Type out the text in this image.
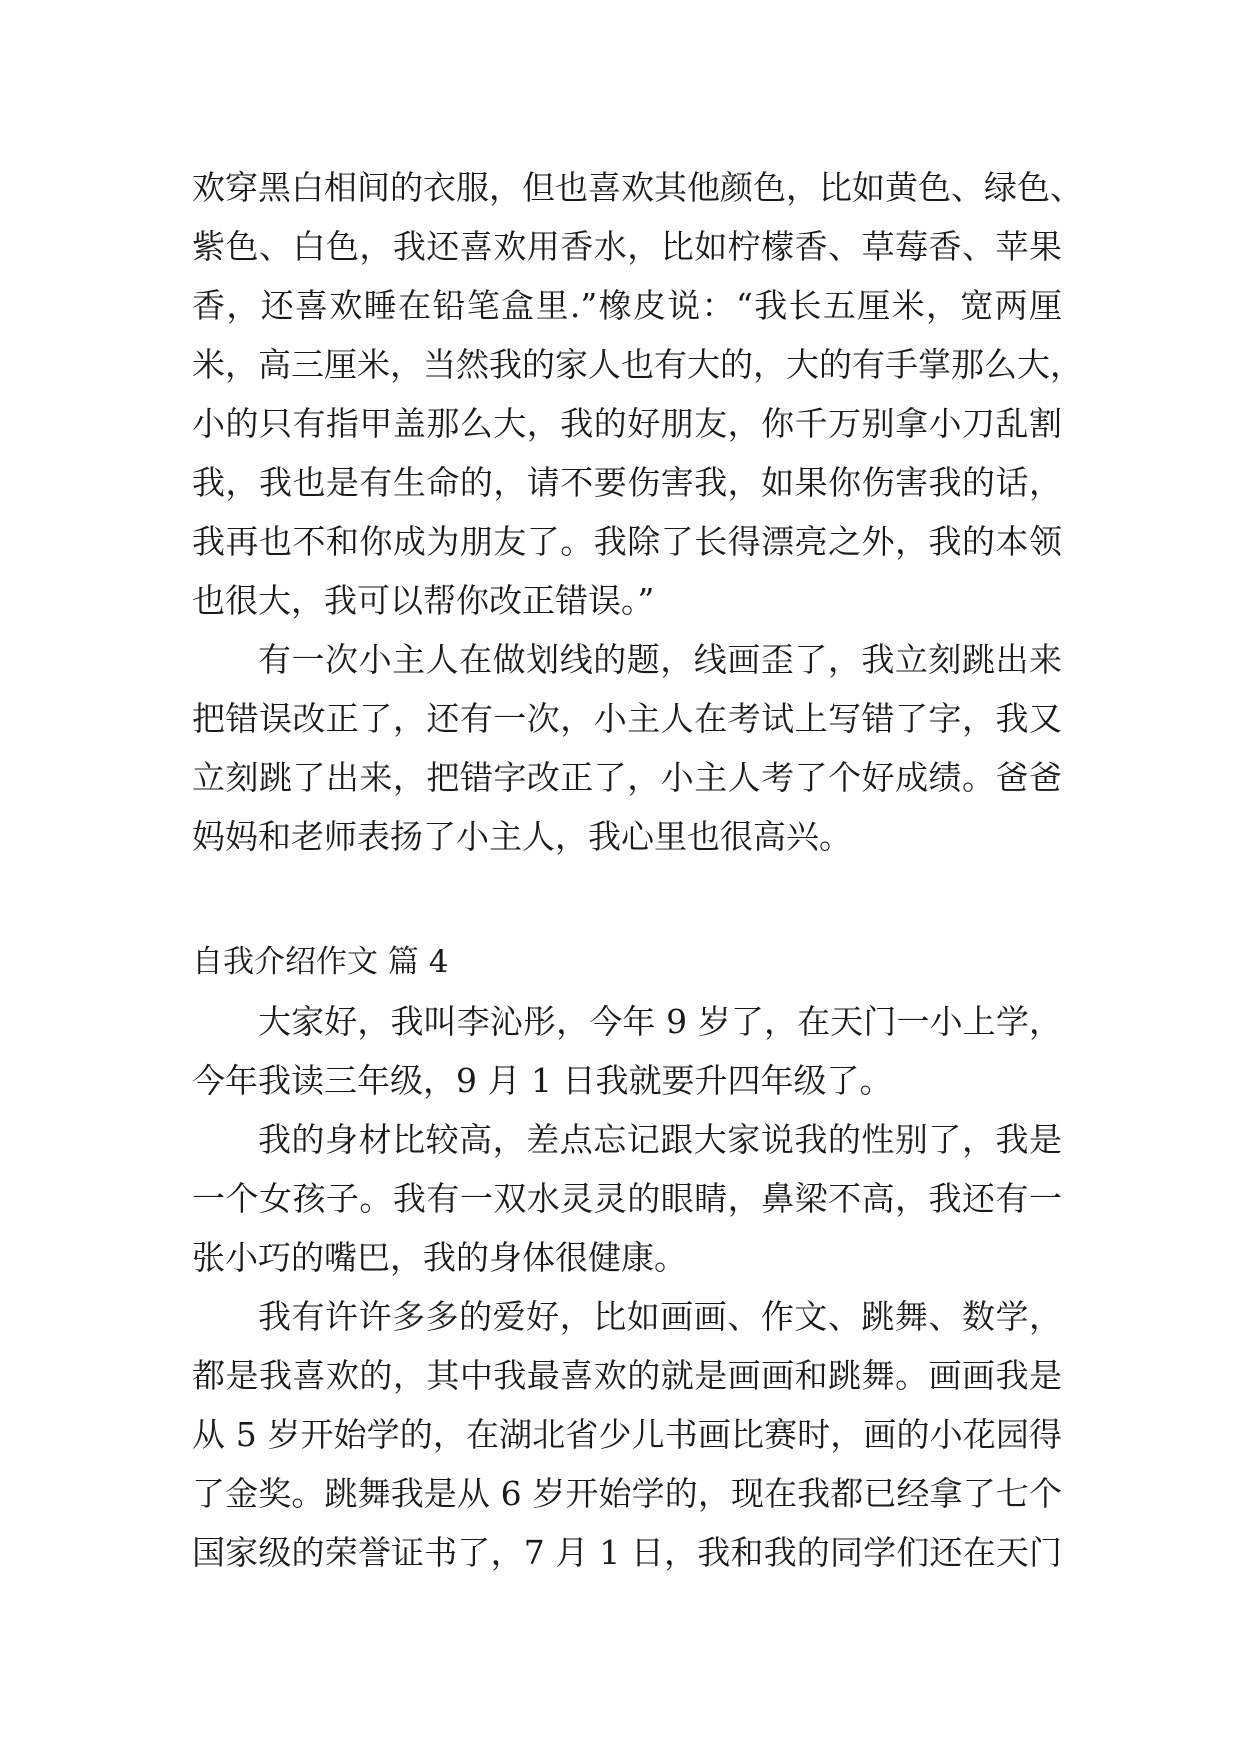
欢穿黑白相间的衣服，但也喜欢其他颜色，比如黄色、绿色、
紫色、白色，我还喜欢用香水，比如柠檬香、草莓香、苹果
香，还喜欢睡在铅笔盒里.”橡皮说：“我长五厘米，宽两厘
米，高三厘米，当然我的家人也有大的，大的有手掌那么大，
小的只有指甲盖那么大，我的好朋友，你千万别拿小刀乱割
我，我也是有生命的，请不要伤害我，如果你伤害我的话，
我再也不和你成为朋友了。我除了长得漂亮之外，我的本领
也很大，我可以帮你改正错误。”
有一次小主人在做划线的题，线画歪了，我立刻跳出来
把错误改正了，还有一次，小主人在考试上写错了字，我又
立刻跳了出来，把错字改正了，小主人考了个好成绩。爸爸
妈妈和老师表扬了小主人，我心里也很高兴。
自我介绍作文 篇 4
大家好，我叫李沁彤，今年 9 岁了，在天门一小上学，
今年我读三年级，9 月 1 日我就要升四年级了。
我的身材比较高，差点忘记跟大家说我的性别了，我是
一个女孩子。我有一双水灵灵的眼睛，鼻梁不高，我还有一
张小巧的嘴巴，我的身体很健康。
我有许许多多的爱好，比如画画、作文、跳舞、数学，
都是我喜欢的，其中我最喜欢的就是画画和跳舞。画画我是
从 5 岁开始学的，在湖北省少儿书画比赛时，画的小花园得
了金奖。跳舞我是从 6 岁开始学的，现在我都已经拿了七个
国家级的荣誉证书了，7 月 1 日，我和我的同学们还在天门
